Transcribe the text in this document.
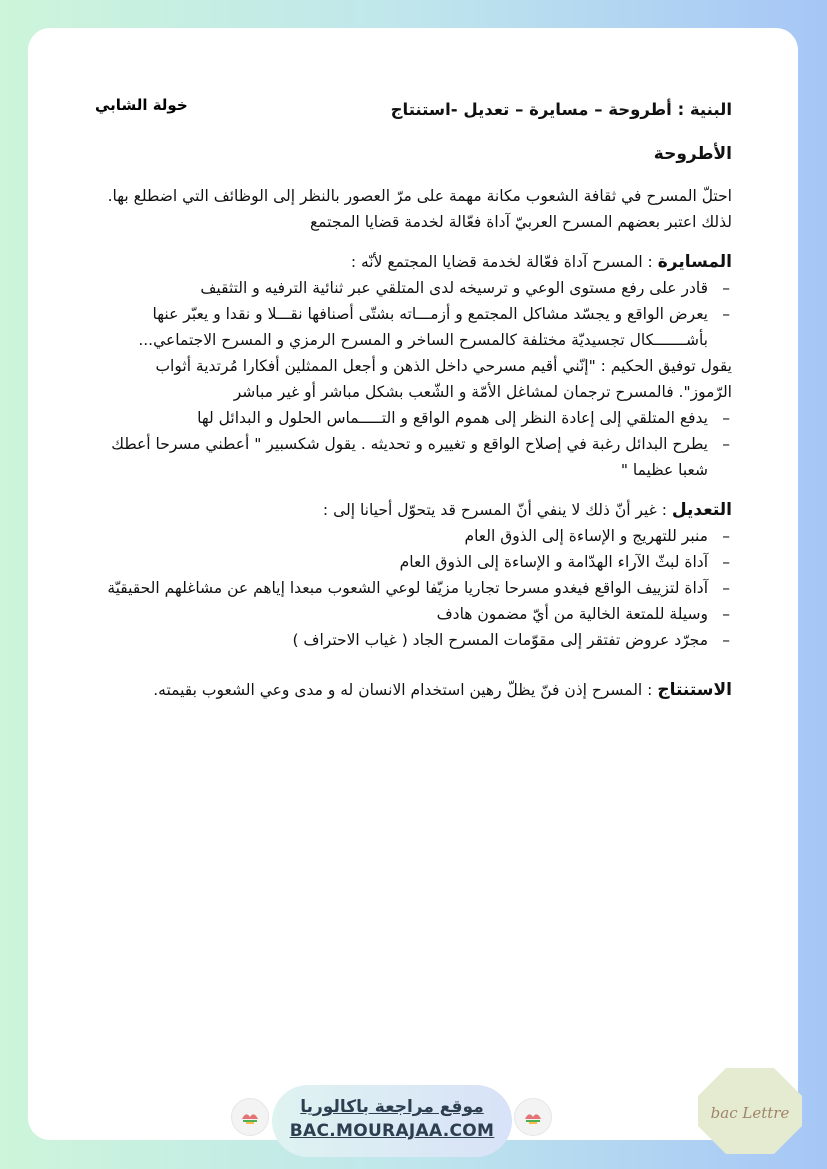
البنية : أطروحة – مسايرة – تعديل -استنتاج
الأطروحة

احتلّ المسرح في ثقافة الشعوب مكانة مهمة على مرّ العصور بالنظر إلى الوظائف التي اضطلع بها. لذلك اعتبر بعضهم المسرح العربيّ آداة فعّالة لخدمة قضايا المجتمع

المسايرة : المسرح آداة فعّالة لخدمة قضايا المجتمع لأنّه :

– قادر على رفع مستوى الوعي و ترسيخه لدى المتلقي عبر ثنائية الترفيه و التثقيف
– يعرض الواقع و يجسّد مشاكل المجتمع و أزمـــاته بشتّى أصنافها نقـــلا و نقدا و يعبّر عنها بأشـــــــكال تجسيديّة مختلفة كالمسرح الساخر و المسرح الرمزي و المسرح الاجتماعي...

يقول توفيق الحكيم : "إنّني أقيم مسرحي داخل الذهن و أجعل الممثلين أفكارا مُرتدية أثواب الرّموز". فالمسرح ترجمان لمشاغل الأمّة و الشّعب بشكل مباشر أو غير مباشر

– يدفع المتلقي إلى إعادة النظر إلى هموم الواقع و التـــــماس الحلول و البدائل لها
– يطرح البدائل رغبة في إصلاح الواقع و تغييره و تحديثه . يقول شكسبير " أعطني مسرحا أعطك شعبا عظيما "

التعديل : غير أنّ ذلك لا ينفي أنّ المسرح قد يتحوّل أحيانا إلى :

– منبر للتهريج و الإساءة إلى الذوق العام
– آداة لبثّ الآراء الهدّامة و الإساءة إلى الذوق العام
– آداة لتزييف الواقع فيغدو مسرحا تجاريا مزيّفا لوعي الشعوب مبعدا إياهم عن مشاغلهم الحقيقيّة
– وسيلة للمتعة الخالية من أيّ مضمون هادف
– مجرّد عروض تفتقر إلى مقوّمات المسرح الجاد ( غياب الاحتراف )

الاستنتاج : المسرح إذن فنّ يظلّ رهين استخدام الانسان له و مدى وعي الشعوب بقيمته.

خولة الشابي
موقع مراجعة باكالوريا
BAC.MOURAJAA.COM
bac Lettre
